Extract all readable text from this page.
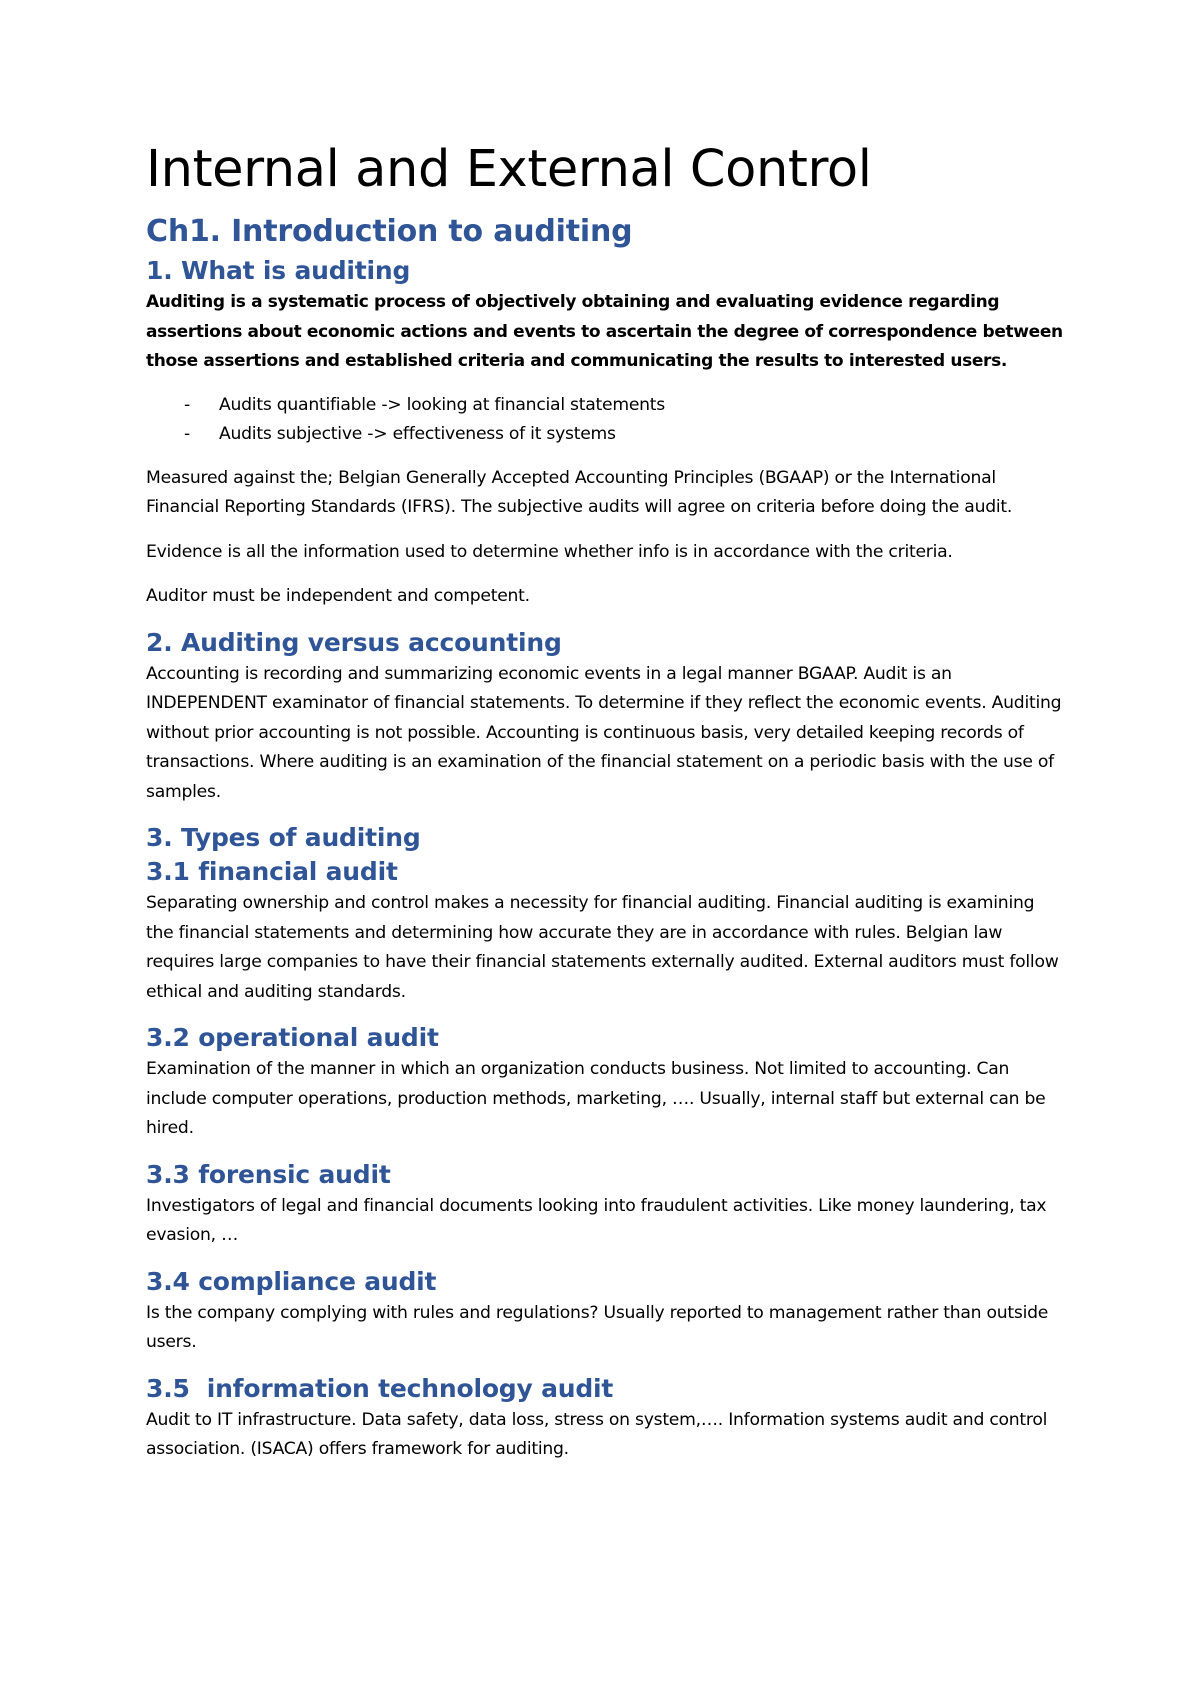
Internal and External Control
Ch1. Introduction to auditing
1. What is auditing

Auditing is a systematic process of objectively obtaining and evaluating evidence regarding assertions about economic actions and events to ascertain the degree of correspondence between those assertions and established criteria and communicating the results to interested users.

- Audits quantifiable -> looking at financial statements
- Audits subjective -> effectiveness of it systems

Measured against the; Belgian Generally Accepted Accounting Principles (BGAAP) or the International Financial Reporting Standards (IFRS). The subjective audits will agree on criteria before doing the audit.

Evidence is all the information used to determine whether info is in accordance with the criteria.

Auditor must be independent and competent.

2. Auditing versus accounting

Accounting is recording and summarizing economic events in a legal manner BGAAP. Audit is an INDEPENDENT examinator of financial statements. To determine if they reflect the economic events. Auditing without prior accounting is not possible. Accounting is continuous basis, very detailed keeping records of transactions. Where auditing is an examination of the financial statement on a periodic basis with the use of samples.

3. Types of auditing
3.1 financial audit

Separating ownership and control makes a necessity for financial auditing. Financial auditing is examining the financial statements and determining how accurate they are in accordance with rules. Belgian law requires large companies to have their financial statements externally audited. External auditors must follow ethical and auditing standards.

3.2 operational audit

Examination of the manner in which an organization conducts business. Not limited to accounting. Can include computer operations, production methods, marketing, …. Usually, internal staff but external can be hired.

3.3 forensic audit

Investigators of legal and financial documents looking into fraudulent activities. Like money laundering, tax evasion, …

3.4 compliance audit

Is the company complying with rules and regulations? Usually reported to management rather than outside users.

3.5  information technology audit

Audit to IT infrastructure. Data safety, data loss, stress on system,…. Information systems audit and control association. (ISACA) offers framework for auditing.
